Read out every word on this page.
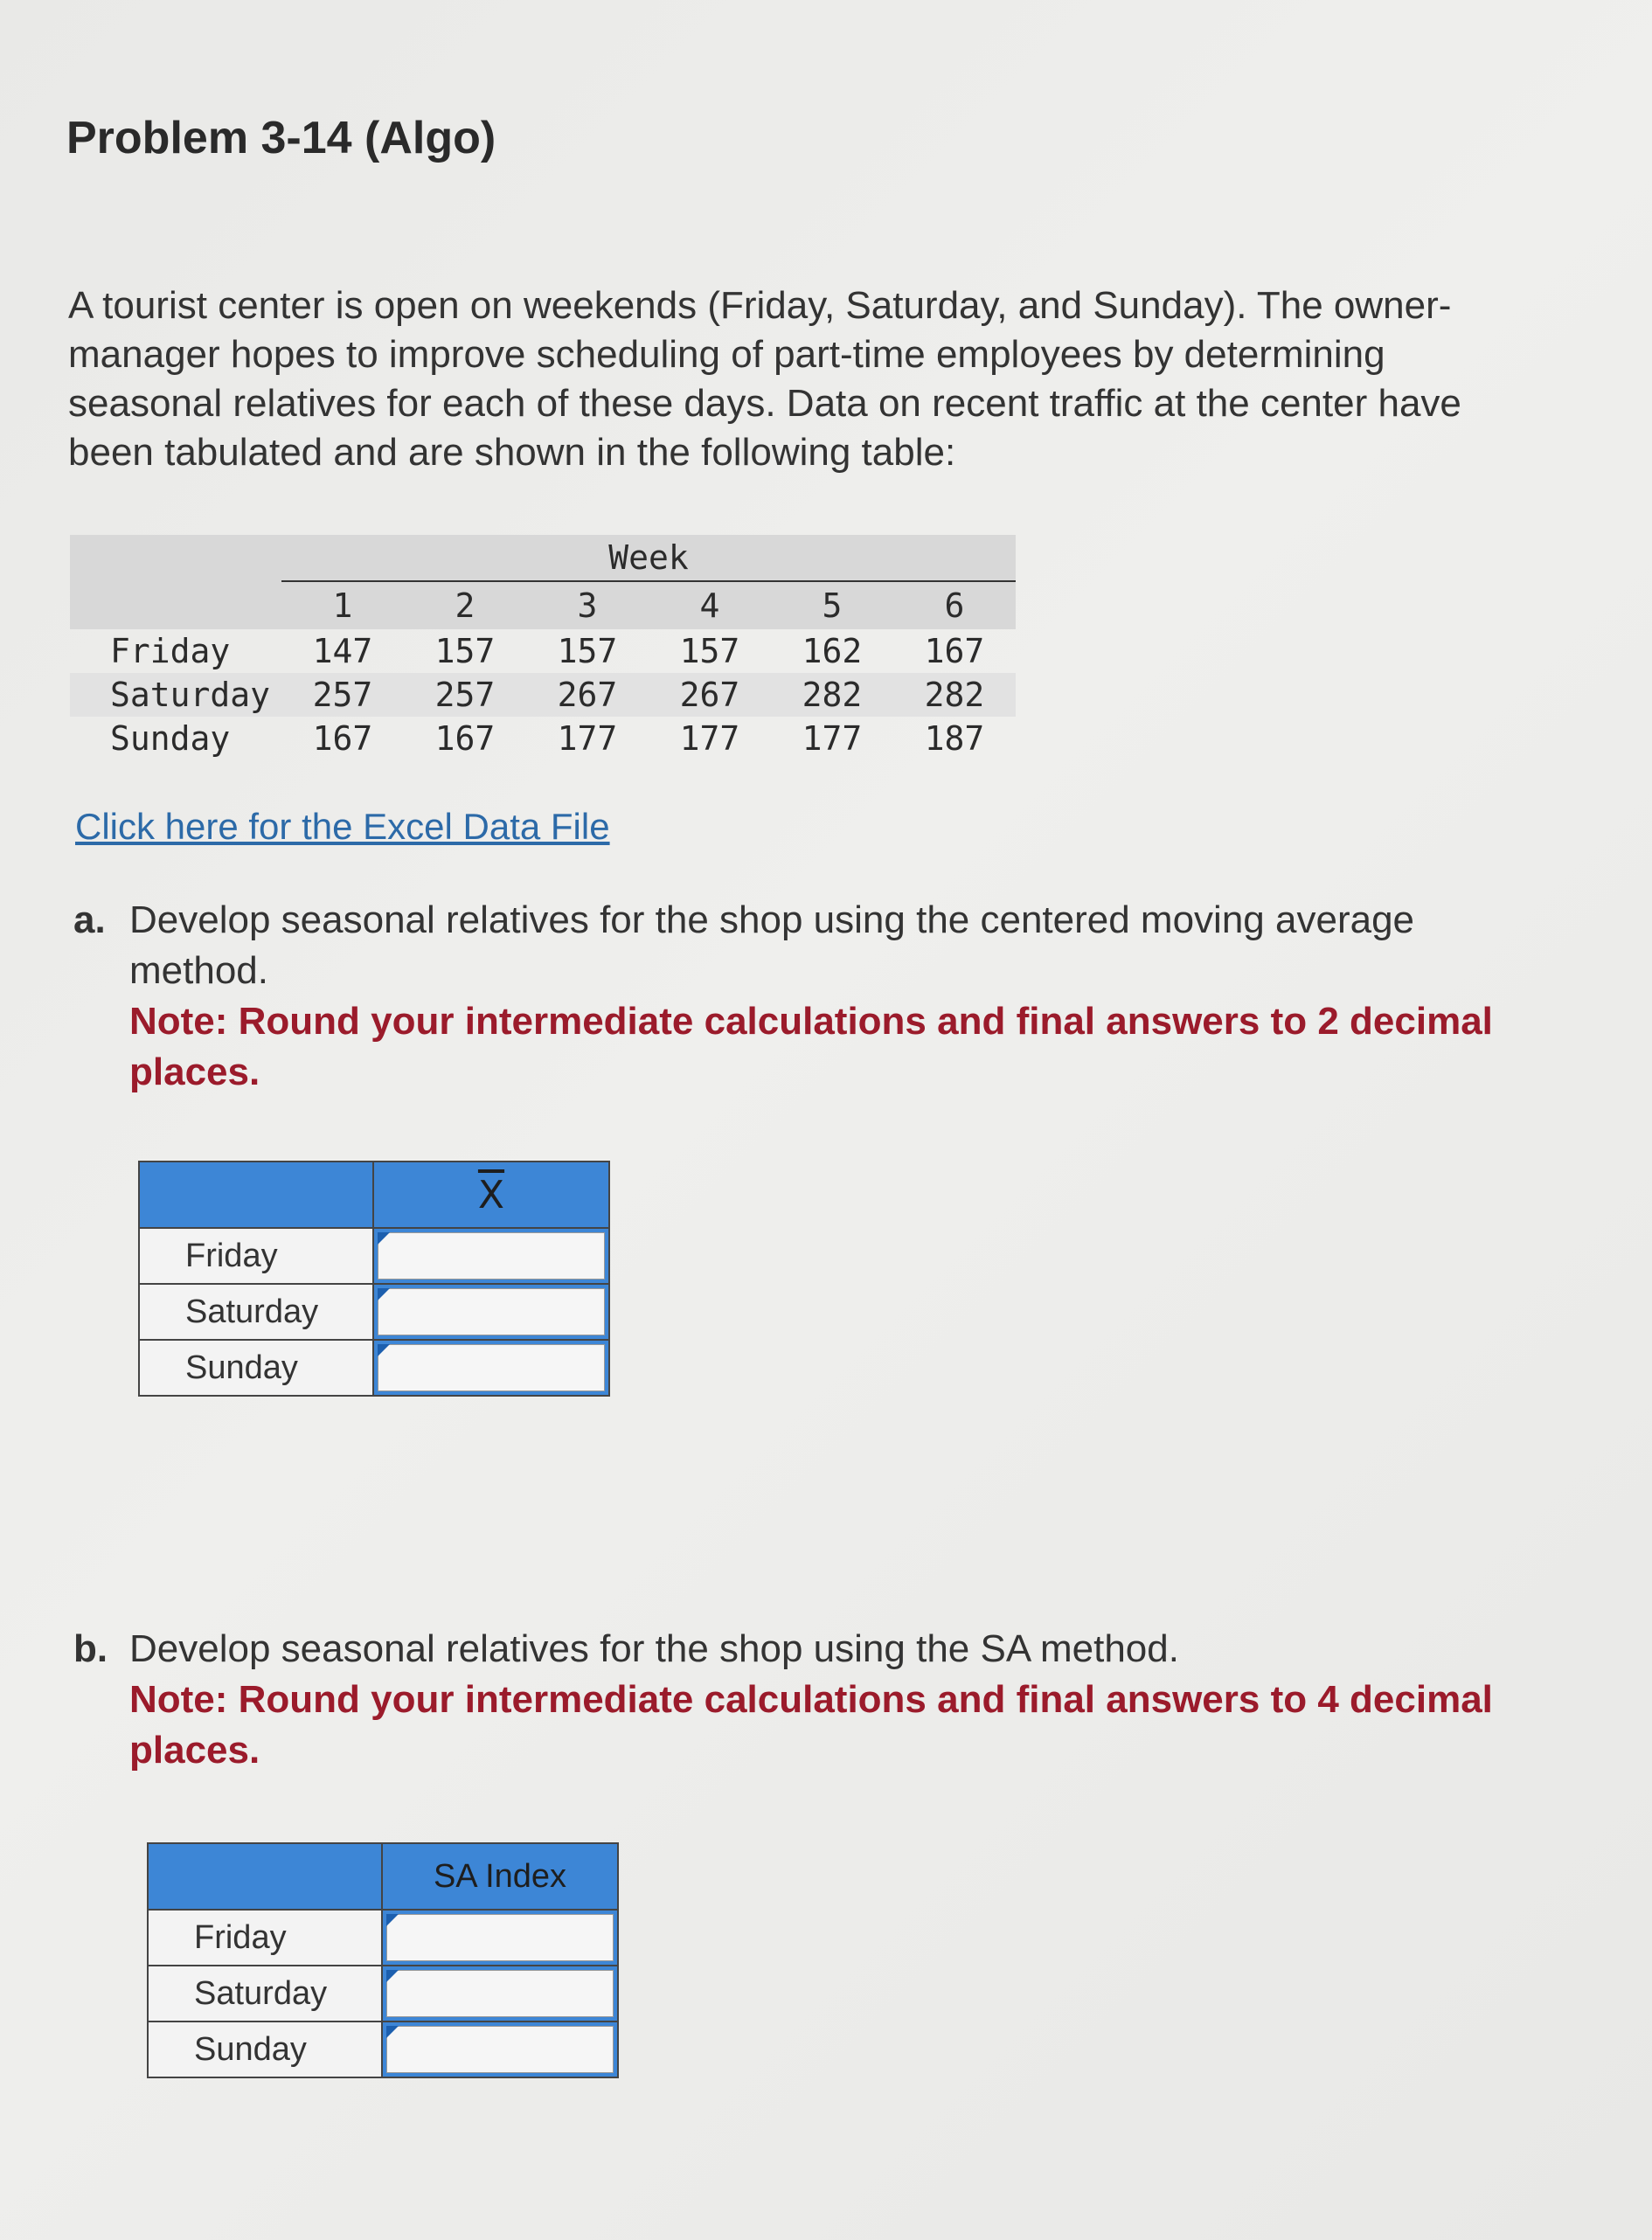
Problem 3-14 (Algo)

A tourist center is open on weekends (Friday, Saturday, and Sunday). The owner-manager hopes to improve scheduling of part-time employees by determining seasonal relatives for each of these days. Data on recent traffic at the center have been tabulated and are shown in the following table:

	Week					
	1	2	3	4	5	6
Friday	147	157	157	157	162	167
Saturday	257	257	267	267	282	282
Sunday	167	167	177	177	177	187
Click here for the Excel Data File
a. Develop seasonal relatives for the shop using the centered moving average method.
Note: Round your intermediate calculations and final answers to 2 decimal places.
	$\overline{X}$
Friday	

Saturday	

Sunday	
b. Develop seasonal relatives for the shop using the SA method.
Note: Round your intermediate calculations and final answers to 4 decimal places.
	SA Index
Friday	

Saturday	

Sunday	
